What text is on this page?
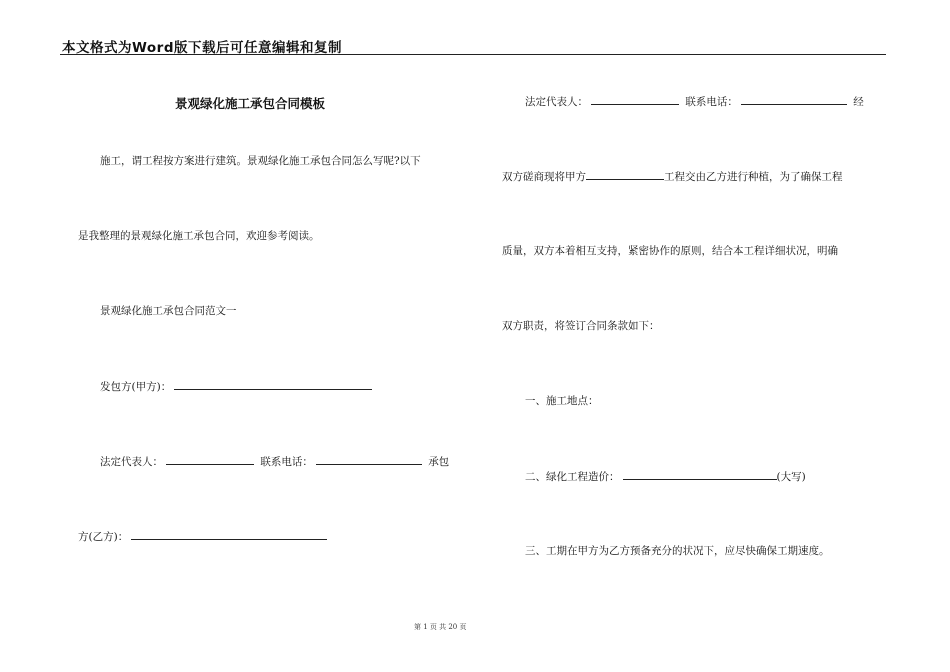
本文格式为Word版下载后可任意编辑和复制
景观绿化施工承包合同模板
施工，谓工程按方案进行建筑。景观绿化施工承包合同怎么写呢?以下
是我整理的景观绿化施工承包合同，欢迎参考阅读。
景观绿化施工承包合同范文一
发包方(甲方)：
法定代表人：	联系电话：	承包
方(乙方)：
法定代表人：	联系电话：	经
双方磋商现将甲方	工程交由乙方进行种植，为了确保工程
质量，双方本着相互支持，紧密协作的原则，结合本工程详细状况，明确
双方职责，将签订合同条款如下：
一、施工地点：
二、绿化工程造价：	(大写)
三、工期在甲方为乙方预备充分的状况下，应尽快确保工期速度。
第 1 页 共 20 页
